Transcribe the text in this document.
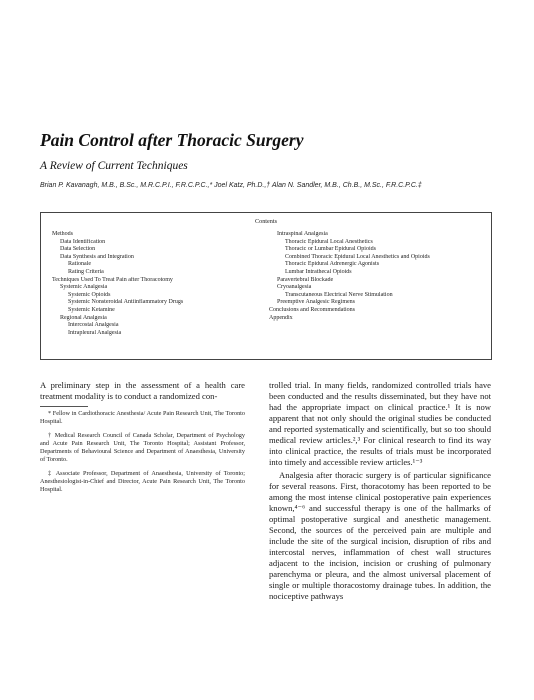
Pain Control after Thoracic Surgery
A Review of Current Techniques
Brian P. Kavanagh, M.B., B.Sc., M.R.C.P.I., F.R.C.P.C.,* Joel Katz, Ph.D.,† Alan N. Sandler, M.B., Ch.B., M.Sc., F.R.C.P.C.‡
Contents
Methods
Data Identification
Data Selection
Data Synthesis and Integration
Rationale
Rating Criteria
Techniques Used To Treat Pain after Thoracotomy
Systemic Analgesia
Systemic Opioids
Systemic Nonsteroidal Antiinflammatory Drugs
Systemic Ketamine
Regional Analgesia
Intercostal Analgesia
Intrapleural Analgesia
Intraspinal Analgesia
Thoracic Epidural Local Anesthetics
Thoracic or Lumbar Epidural Opioids
Combined Thoracic Epidural Local Anesthetics and Opioids
Thoracic Epidural Adrenergic Agonists
Lumbar Intrathecal Opioids
Paravertebral Blockade
Cryoanalgesia
Transcutaneous Electrical Nerve Stimulation
Preemptive Analgesic Regimens
Conclusions and Recommendations
Appendix
A preliminary step in the assessment of a health care treatment modality is to conduct a randomized con-

* Fellow in Cardiothoracic Anesthesia/ Acute Pain Research Unit, The Toronto Hospital.

† Medical Research Council of Canada Scholar, Department of Psychology and Acute Pain Research Unit, The Toronto Hospital; Assistant Professor, Departments of Behavioural Science and Department of Anaesthesia, University of Toronto.

‡ Associate Professor, Department of Anaesthesia, University of Toronto; Anesthesiologist-in-Chief and Director, Acute Pain Research Unit, The Toronto Hospital.

trolled trial. In many fields, randomized controlled trials have been conducted and the results disseminated, but they have not had the appropriate impact on clinical practice.¹ It is now apparent that not only should the original studies be conducted and reported systematically and scientifically, but so too should medical review articles.²,³ For clinical research to find its way into clinical practice, the results of trials must be incorporated into timely and accessible review articles.¹⁻³

Analgesia after thoracic surgery is of particular significance for several reasons. First, thoracotomy has been reported to be among the most intense clinical postoperative pain experiences known,⁴⁻⁶ and successful therapy is one of the hallmarks of optimal postoperative surgical and anesthetic management. Second, the sources of the perceived pain are multiple and include the site of the surgical incision, disruption of ribs and intercostal nerves, inflammation of chest wall structures adjacent to the incision, incision or crushing of pulmonary parenchyma or pleura, and the almost universal placement of single or multiple thoracostomy drainage tubes. In addition, the nociceptive pathways
